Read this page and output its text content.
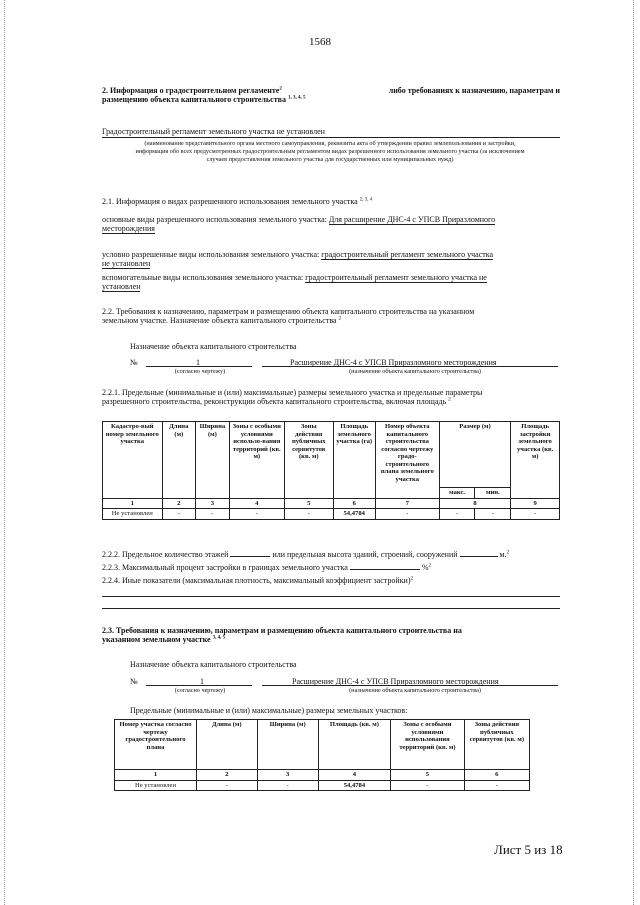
1568
2. Информация о градостроительном регламенте$^2$	либо требованиях к назначению, параметрам и
размещению объекта капитального строительства $^{1, 3, 4, 5}$
Градостроительный регламент земельного участка не установлен
(наименование представительного органа местного самоуправления, реквизиты акта об утверждении правил землепользования и застройки, информация обо всех предусмотренных градостроительным регламентом видах разрешенного использования земельного участка (за исключением случаев предоставления земельного участка для государственных или муниципальных нужд)
2.1. Информация о видах разрешенного использования земельного участка $^{2, 3, 4}$
основные виды разрешенного использования земельного участка: Для расширение ДНС-4 с УПСВ Приразломного
месторождения
условно разрешенные виды использования земельного участка: градостроительный регламент земельного участка
не установлен
вспомогательные виды использования земельного участка: градостроительный регламент земельного участка не
установлен
2.2. Требования к назначению, параметрам и размещению объекта капитального строительства на указанном
земельном участке. Назначение объекта капитального строительства $^2$
Назначение объекта капитального строительства
№	1	Расширение ДНС-4 с УПСВ Приразломного месторождения
(согласно чертежу)	(назначение объекта капитального строительства)
2.2.1. Предельные (минимальные и (или) максимальные) размеры земельного участка и предельные параметры
разрешенного строительства, реконструкции объекта капитального строительства, включая площадь $^2$
Кадастро-вый номер земельного участка	Длина (м)	Ширина (м)	Зоны с особыми условиями использо-вания территорий (кв. м)	Зоны действия публичных сервитутов (кв. м)	Площадь земельного участка (га)	Номер объекта капитального строительства согласно чертежу градо-строительного плана земельного участка	Размер (м)		Площадь застройки земельного участка (кв. м)
							макс.	мин.	
1	2	3	4	5	6	7	8		9
Не установлен	-	-	-	-	54,4784	-	-	-	-
2.2.2. Предельное количество этажей	или предельная высота зданий, строений, сооружений	м.$^2$
2.2.3. Максимальный процент застройки в границах земельного участка	%$^2$
2.2.4. Иные показатели (максимальная плотность, максимальный коэффициент застройки)$^2$
2.3. Требования к назначению, параметрам и размещению объекта капитального строительства на
указанном земельном участке $^{3, 4, 5}$
Назначение объекта капитального строительства
№	1	Расширение ДНС-4 с УПСВ Приразломного месторождения
(согласно чертежу)	(назначение объекта капитального строительства)
Предельные (минимальные и (или) максимальные) размеры земельных участков:
Номер участка согласно чертежу градостроительного плана	Длина (м)	Ширина (м)	Площадь (кв. м)	Зоны с особыми условиями использования территорий (кв. м)	Зоны действия публичных сервитутов (кв. м)
1	2	3	4	5	6
Не установлен	-	-	54,4784	-	-
Лист 5 из 18
